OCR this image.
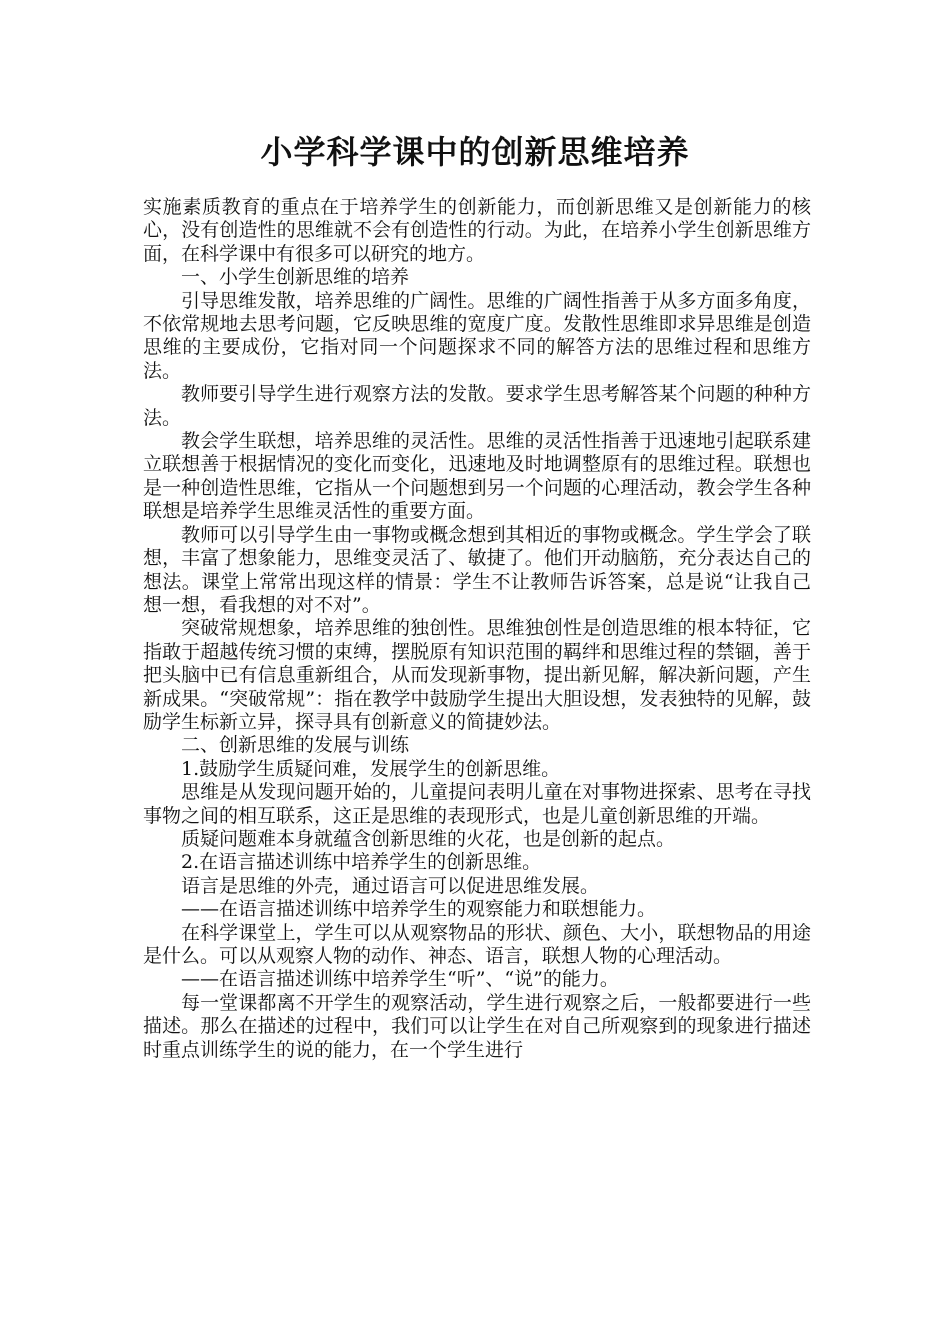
小学科学课中的创新思维培养

实施素质教育的重点在于培养学生的创新能力，而创新思维又是创新能力的核心，没有创造性的思维就不会有创造性的行动。为此，在培养小学生创新思维方面，在科学课中有很多可以研究的地方。

一、小学生创新思维的培养

引导思维发散，培养思维的广阔性。思维的广阔性指善于从多方面多角度，不依常规地去思考问题，它反映思维的宽度广度。发散性思维即求异思维是创造思维的主要成份，它指对同一个问题探求不同的解答方法的思维过程和思维方法。

教师要引导学生进行观察方法的发散。要求学生思考解答某个问题的种种方法。

教会学生联想，培养思维的灵活性。思维的灵活性指善于迅速地引起联系建立联想善于根据情况的变化而变化，迅速地及时地调整原有的思维过程。联想也是一种创造性思维，它指从一个问题想到另一个问题的心理活动，教会学生各种联想是培养学生思维灵活性的重要方面。

教师可以引导学生由一事物或概念想到其相近的事物或概念。学生学会了联想，丰富了想象能力，思维变灵活了、敏捷了。他们开动脑筋，充分表达自己的想法。课堂上常常出现这样的情景：学生不让教师告诉答案，总是说“让我自己想一想，看我想的对不对”。

突破常规想象，培养思维的独创性。思维独创性是创造思维的根本特征，它指敢于超越传统习惯的束缚，摆脱原有知识范围的羁绊和思维过程的禁锢，善于把头脑中已有信息重新组合，从而发现新事物，提出新见解，解决新问题，产生新成果。“突破常规”：指在教学中鼓励学生提出大胆设想，发表独特的见解，鼓励学生标新立异，探寻具有创新意义的简捷妙法。

二、创新思维的发展与训练

1.鼓励学生质疑问难，发展学生的创新思维。

思维是从发现问题开始的，儿童提问表明儿童在对事物进探索、思考在寻找事物之间的相互联系，这正是思维的表现形式，也是儿童创新思维的开端。

质疑问题难本身就蕴含创新思维的火花，也是创新的起点。

2.在语言描述训练中培养学生的创新思维。

语言是思维的外壳，通过语言可以促进思维发展。

——在语言描述训练中培养学生的观察能力和联想能力。

在科学课堂上，学生可以从观察物品的形状、颜色、大小，联想物品的用途是什么。可以从观察人物的动作、神态、语言，联想人物的心理活动。

——在语言描述训练中培养学生“听”、“说”的能力。

每一堂课都离不开学生的观察活动，学生进行观察之后，一般都要进行一些描述。那么在描述的过程中，我们可以让学生在对自己所观察到的现象进行描述时重点训练学生的说的能力，在一个学生进行
